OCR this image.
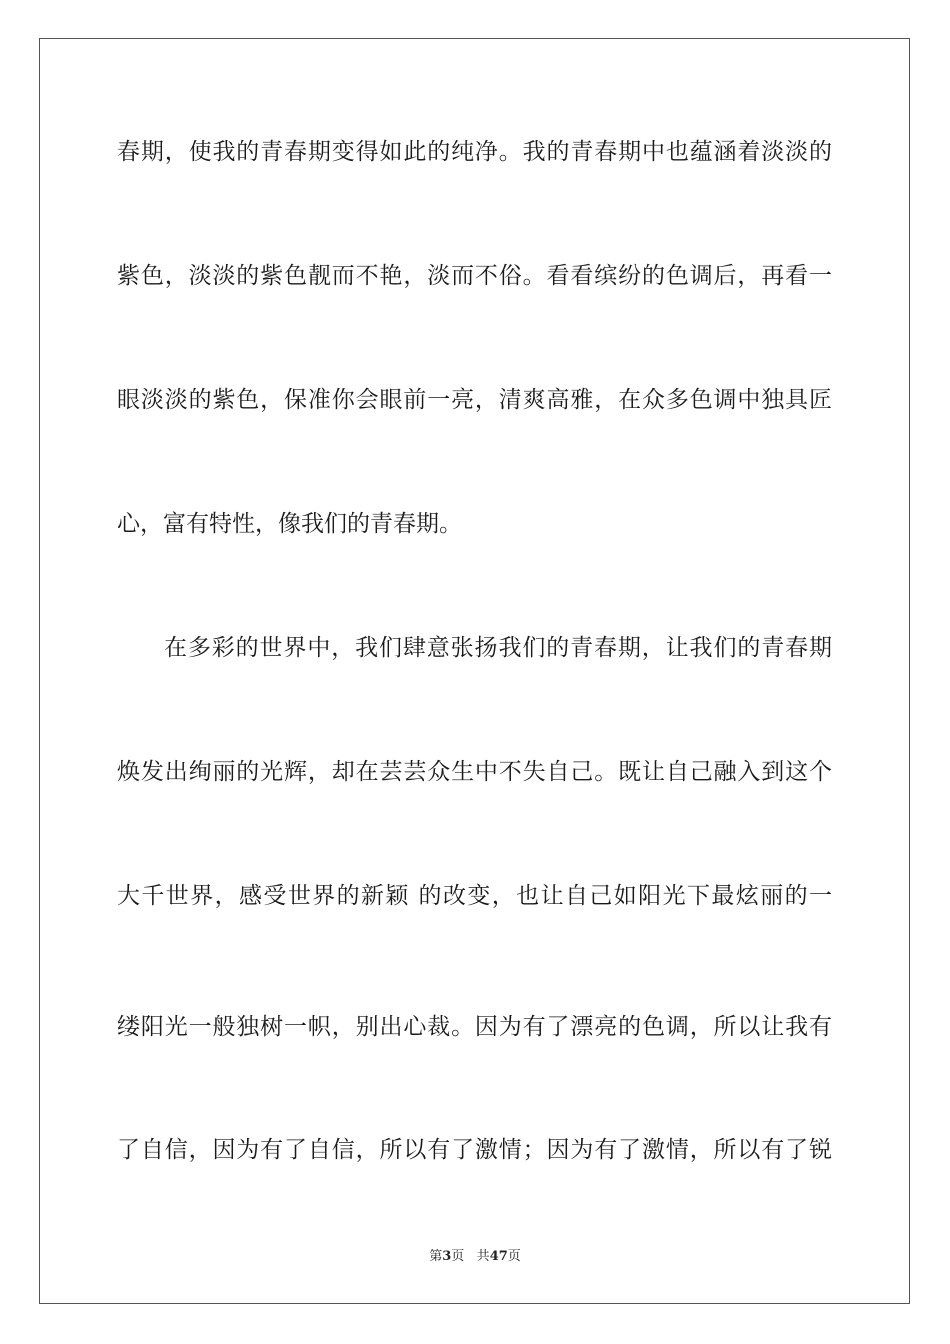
春期，使我的青春期变得如此的纯净。我的青春期中也蕴涵着淡淡的
紫色，淡淡的紫色靓而不艳，淡而不俗。看看缤纷的色调后，再看一
眼淡淡的紫色，保准你会眼前一亮，清爽高雅，在众多色调中独具匠
心，富有特性，像我们的青春期。
在多彩的世界中，我们肆意张扬我们的青春期，让我们的青春期
焕发出绚丽的光辉，却在芸芸众生中不失自己。既让自己融入到这个
大千世界，感受世界的新颖 的改变，也让自己如阳光下最炫丽的一
缕阳光一般独树一帜，别出心裁。因为有了漂亮的色调，所以让我有
了自信，因为有了自信，所以有了激情；因为有了激情，所以有了锐
第3页 共47页
